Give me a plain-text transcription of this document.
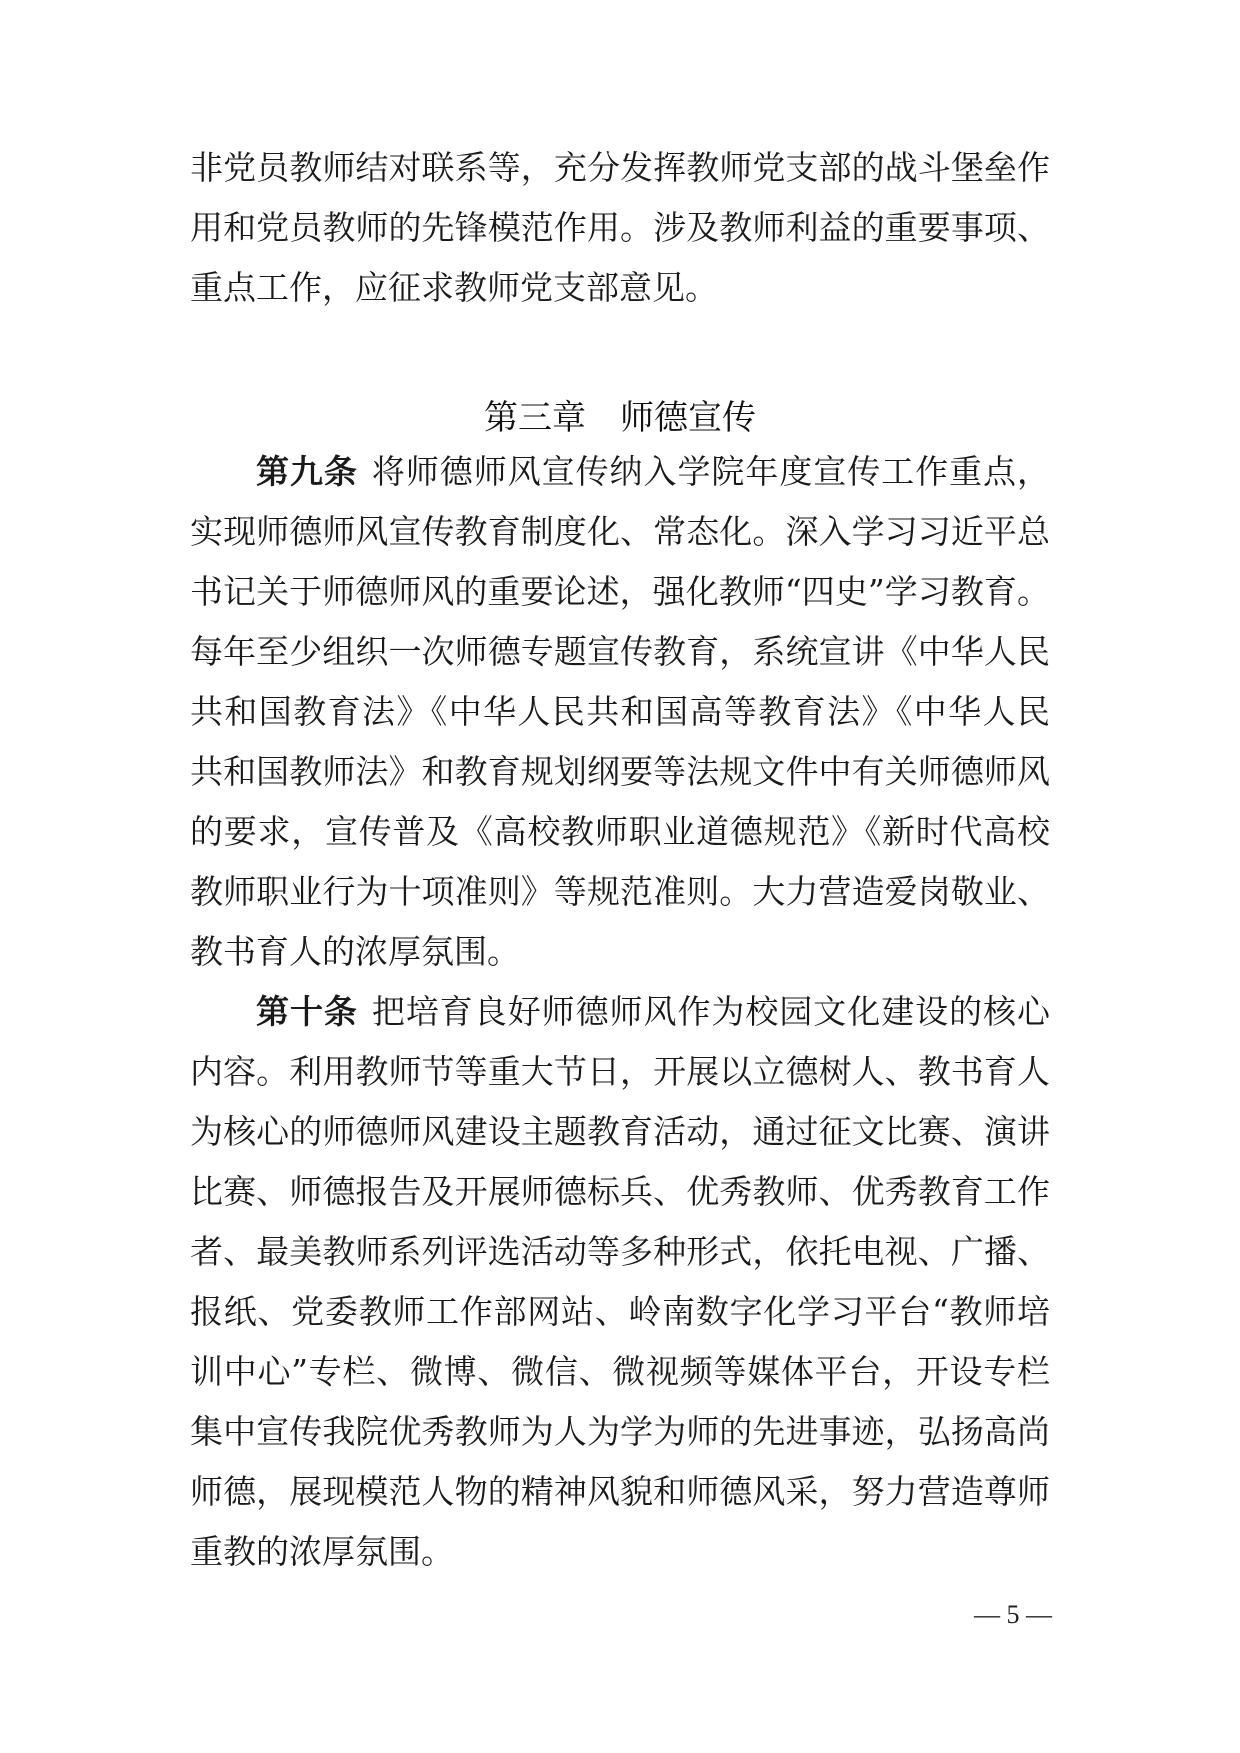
非党员教师结对联系等，充分发挥教师党支部的战斗堡垒作
用和党员教师的先锋模范作用。涉及教师利益的重要事项、
重点工作，应征求教师党支部意见。
第三章 师德宣传
第九条 将师德师风宣传纳入学院年度宣传工作重点，
实现师德师风宣传教育制度化、常态化。深入学习习近平总
书记关于师德师风的重要论述，强化教师“四史”学习教育。
每年至少组织一次师德专题宣传教育，系统宣讲《中华人民
共和国教育法》《中华人民共和国高等教育法》《中华人民
共和国教师法》和教育规划纲要等法规文件中有关师德师风
的要求，宣传普及《高校教师职业道德规范》《新时代高校
教师职业行为十项准则》等规范准则。大力营造爱岗敬业、
教书育人的浓厚氛围。
第十条 把培育良好师德师风作为校园文化建设的核心
内容。利用教师节等重大节日，开展以立德树人、教书育人
为核心的师德师风建设主题教育活动，通过征文比赛、演讲
比赛、师德报告及开展师德标兵、优秀教师、优秀教育工作
者、最美教师系列评选活动等多种形式，依托电视、广播、
报纸、党委教师工作部网站、岭南数字化学习平台“教师培
训中心”专栏、微博、微信、微视频等媒体平台，开设专栏
集中宣传我院优秀教师为人为学为师的先进事迹，弘扬高尚
师德，展现模范人物的精神风貌和师德风采，努力营造尊师
重教的浓厚氛围。
— 5 —
